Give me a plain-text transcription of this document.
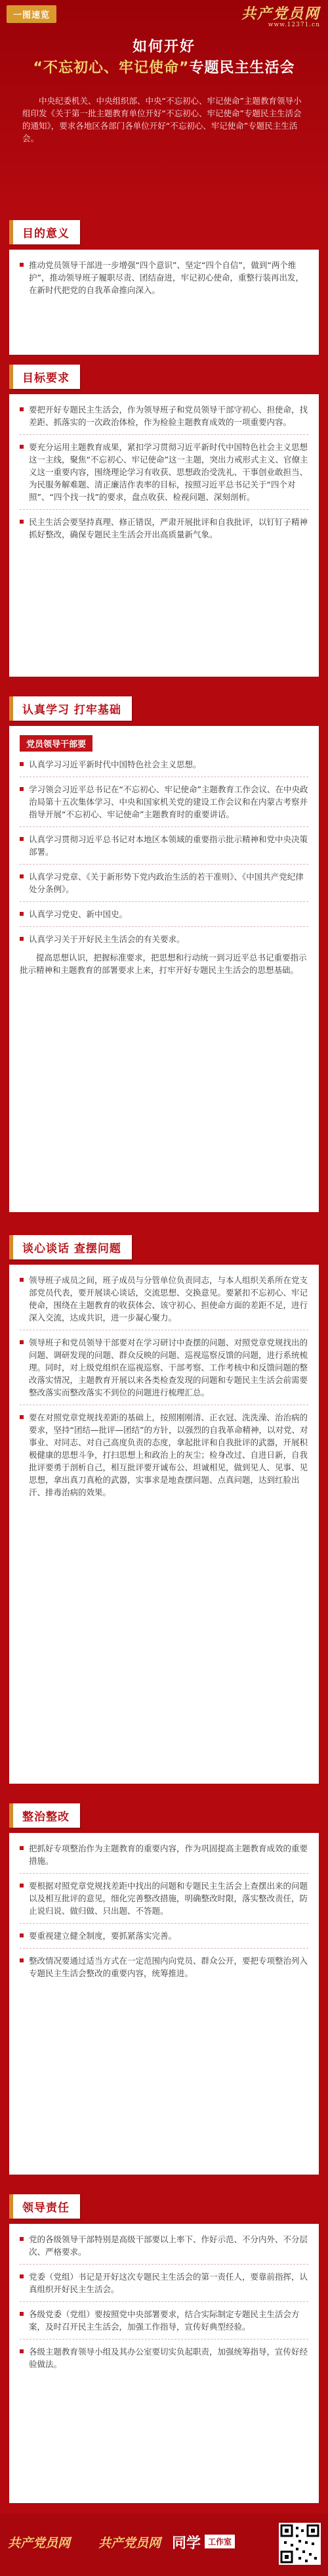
一图速览	共产党员网
www.12371.cn
如何开好
“不忘初心、牢记使命”专题民主生活会
中央纪委机关、中央组织部、中央“不忘初心、牢记使命”主题教育领导小组印发《关于第一批主题教育单位开好“不忘初心、牢记使命”专题民主生活会的通知》，要求各地区各部门各单位开好“不忘初心、牢记使命”专题民主生活会。
目的意义
推动党员领导干部进一步增强“四个意识”、坚定“四个自信”，做到“两个维护”，推动领导班子履职尽责、团结奋进，牢记初心使命，重整行装再出发，在新时代把党的自我革命推向深入。
目标要求
要把开好专题民主生活会，作为领导班子和党员领导干部守初心、担使命，找差距、抓落实的一次政治体检，作为检验主题教育成效的一项重要内容。
要充分运用主题教育成果，紧扣学习贯彻习近平新时代中国特色社会主义思想这一主线，聚焦“不忘初心、牢记使命”这一主题，突出力戒形式主义、官僚主义这一重要内容，围绕理论学习有收获、思想政治受洗礼、干事创业敢担当、为民服务解难题、清正廉洁作表率的目标，按照习近平总书记关于“四个对照”、“四个找一找”的要求，盘点收获、检视问题、深刻剖析。
民主生活会要坚持真理、修正错误，严肃开展批评和自我批评，以钉钉子精神抓好整改，确保专题民主生活会开出高质量新气象。
认真学习 打牢基础
党员领导干部要
认真学习习近平新时代中国特色社会主义思想。
学习领会习近平总书记在“不忘初心、牢记使命”主题教育工作会议、在中央政治局第十五次集体学习、中央和国家机关党的建设工作会议和在内蒙古考察并指导开展“不忘初心、牢记使命”主题教育时的重要讲话。
认真学习贯彻习近平总书记对本地区本领域的重要指示批示精神和党中央决策部署。
认真学习党章、《关于新形势下党内政治生活的若干准则》、《中国共产党纪律处分条例》。
认真学习党史、新中国史。
认真学习关于开好民主生活会的有关要求。

提高思想认识，把握标准要求，把思想和行动统一到习近平总书记重要指示批示精神和主题教育的部署要求上来，打牢开好专题民主生活会的思想基础。

谈心谈话 查摆问题
领导班子成员之间，班子成员与分管单位负责同志，与本人组织关系所在党支部党员代表，要开展谈心谈话，交流思想、交换意见。要紧扣不忘初心、牢记使命，围绕在主题教育的收获体会、该守初心、担使命方面的差距不足，进行深入交流，达成共识，进一步凝心聚力。
领导班子和党员领导干部要对在学习研讨中查摆的问题、对照党章党规找出的问题、调研发现的问题、群众反映的问题、巡视巡察反馈的问题，进行系统梳理。同时，对上级党组织在巡视巡察、干部考察、工作考核中和反馈问题的整改落实情况，主题教育开展以来各类检查发现的问题和专题民主生活会前需要整改落实而整改落实不到位的问题进行梳理汇总。
要在对照党章党规找差距的基础上，按照刚刚清、正衣冠、洗洗澡、治治病的要求，坚持“团结—批评—团结”的方针，以强烈的自我革命精神，以对党、对事业、对同志、对自己高度负责的态度，拿起批评和自我批评的武器，开展积极健康的思想斗争，打扫思想上和政治上的灰尘；检身改过、自进日新，自我批评要勇于剖析自己，相互批评要开诚布公、坦诚相见，做到见人、见事、见思想，拿出真刀真枪的武器，实事求是地查摆问题、点真问题，达到红脸出汗、排毒治病的效果。
整治整改
把抓好专项整治作为主题教育的重要内容，作为巩固提高主题教育成效的重要措施。
要根据对照党章党规找差距中找出的问题和专题民主生活会上查摆出来的问题以及相互批评的意见，细化完善整改措施，明确整改时限，落实整改责任，防止说归说、做归做、只出题、不答题。
要重视建立健全制度，要抓紧落实完善。
整改情况要通过适当方式在一定范围内向党员、群众公开，要把专项整治列入专题民主生活会整改的重要内容，统筹推进。
领导责任
党的各级领导干部特别是高级干部要以上率下、作好示范、不分内外、不分层次、严格要求。
党委（党组）书记是开好这次专题民主生活会的第一责任人，要靠前指挥，认真组织开好民主生活会。
各级党委（党组）要按照党中央部署要求，结合实际制定专题民主生活会方案，及时召开民主生活会，加强工作指导，宣传好典型经验。
各级主题教育领导小组及其办公室要切实负起职责，加强统筹指导，宣传好经验做法。
共产党员网 共产党员网 同学 工作室
